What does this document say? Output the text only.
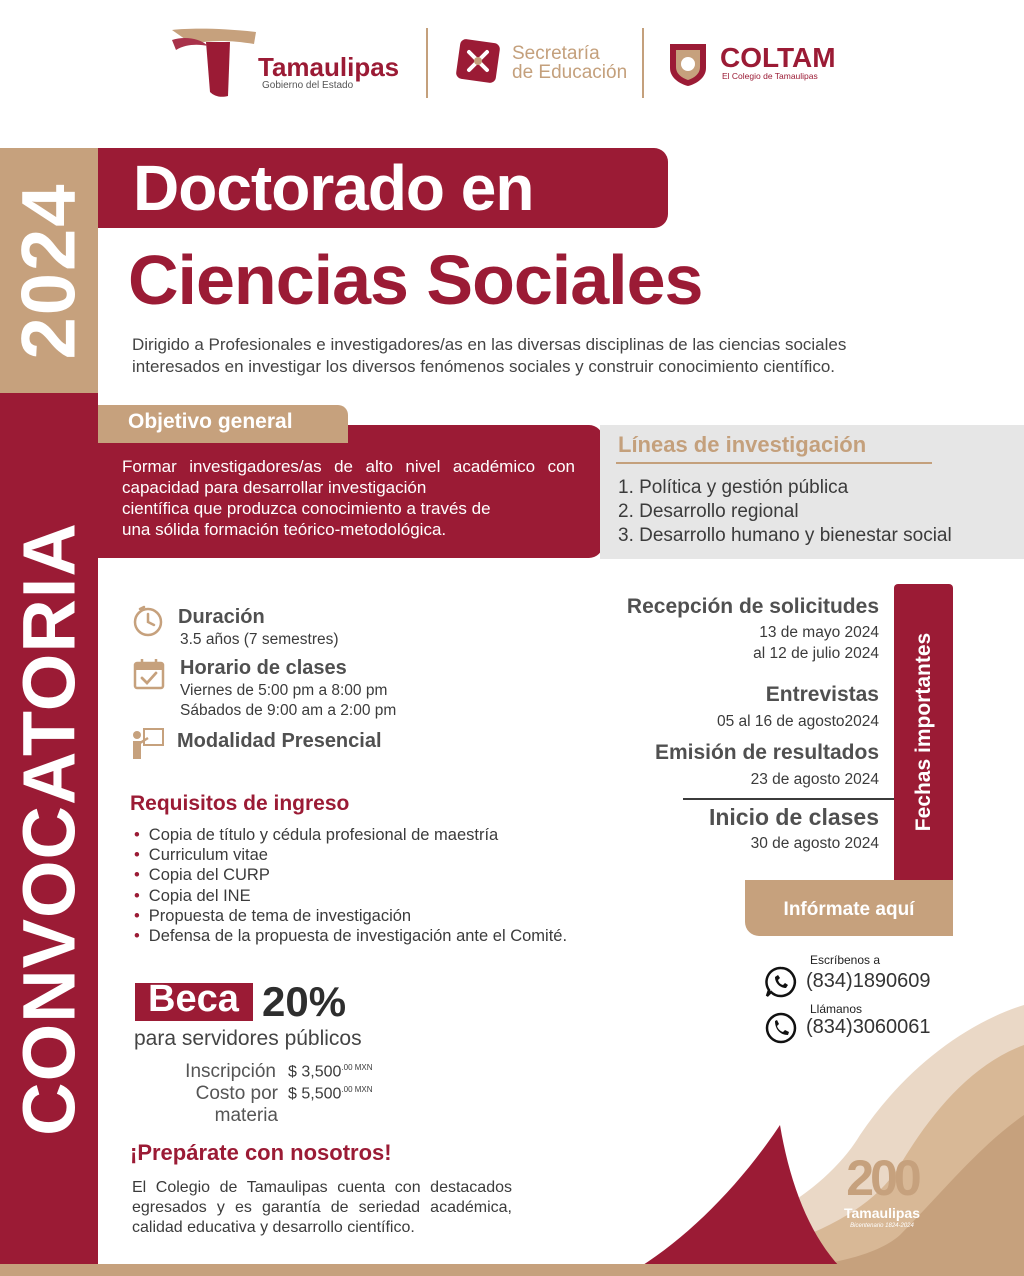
Tamaulipas
Gobierno del Estado
Secretaría
de Educación	COLTAM
El Colegio de Tamaulipas
2024
CONVOCATORIA
Doctorado en
Ciencias Sociales
Dirigido a Profesionales e investigadores/as en las diversas disciplinas de las ciencias sociales
interesados en investigar los diversos fenómenos sociales y construir conocimiento científico.
Objetivo general
Formar investigadores/as de alto nivel académico con
capacidad para desarrollar investigación
científica que produzca conocimiento a través de
una sólida formación teórico-metodológica.
Líneas de investigación
1. Política y gestión pública
2. Desarrollo regional
3. Desarrollo humano y bienestar social
Duración
3.5 años (7 semestres)
Horario de clases
Viernes de 5:00 pm a 8:00 pm
Sábados de 9:00 am a 2:00 pm
Modalidad Presencial
Requisitos de ingreso
• Copia de título y cédula profesional de maestría
• Curriculum vitae
• Copia del CURP
• Copia del INE
• Propuesta de tema de investigación
• Defensa de la propuesta de investigación ante el Comité.
Beca 20%
para servidores públicos
Inscripción $ $3,500^{.00 MXN}$
Costo por materia
$ $5,500^{.00 MXN}$
¡Prepárate con nosotros!
El Colegio de Tamaulipas cuenta con destacados
egresados y es garantía de seriedad académica,
calidad educativa y desarrollo científico.
Fechas importantes
Recepción de solicitudes
13 de mayo 2024
al 12 de julio 2024
Entrevistas
05 al 16 de agosto2024
Emisión de resultados
23 de agosto 2024
Inicio de clases
30 de agosto 2024
Infórmate aquí
Escríbenos a
(834)1890609
Llámanos
(834)3060061
200
Tamaulipas
Bicentenario 1824-2024
